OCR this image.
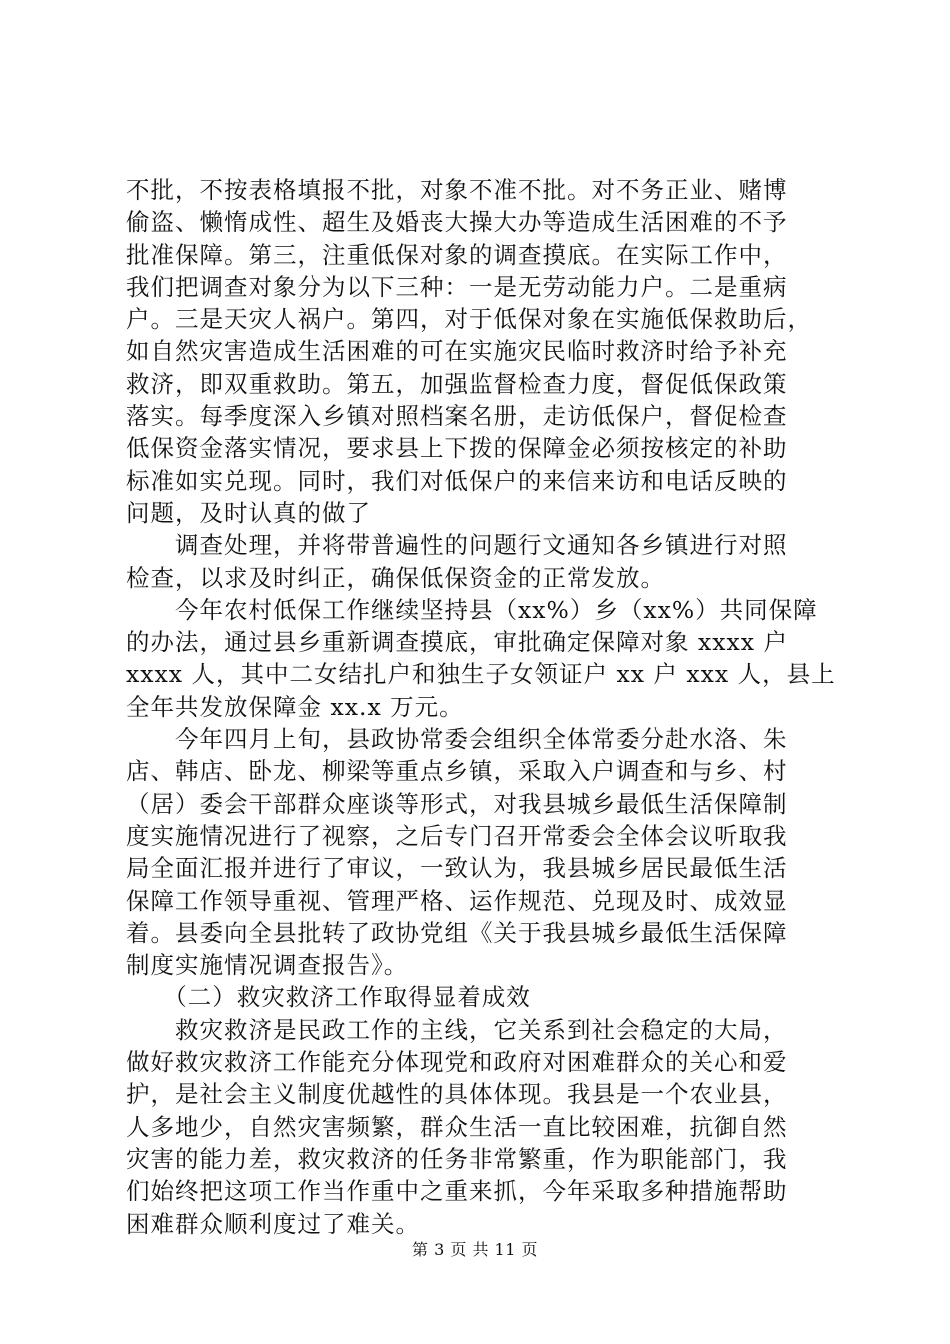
不批，不按表格填报不批，对象不准不批。对不务正业、赌博
偷盗、懒惰成性、超生及婚丧大操大办等造成生活困难的不予
批准保障。第三，注重低保对象的调查摸底。在实际工作中，
我们把调查对象分为以下三种：一是无劳动能力户。二是重病
户。三是天灾人祸户。第四，对于低保对象在实施低保救助后，
如自然灾害造成生活困难的可在实施灾民临时救济时给予补充
救济，即双重救助。第五，加强监督检查力度，督促低保政策
落实。每季度深入乡镇对照档案名册，走访低保户，督促检查
低保资金落实情况，要求县上下拨的保障金必须按核定的补助
标准如实兑现。同时，我们对低保户的来信来访和电话反映的
问题，及时认真的做了
　　调查处理，并将带普遍性的问题行文通知各乡镇进行对照
检查，以求及时纠正，确保低保资金的正常发放。
　　今年农村低保工作继续坚持县（xx%）乡（xx%）共同保障
的办法，通过县乡重新调查摸底，审批确定保障对象 xxxx 户
xxxx 人，其中二女结扎户和独生子女领证户 xx 户 xxx 人，县上
全年共发放保障金 xx.x 万元。
　　今年四月上旬，县政协常委会组织全体常委分赴水洛、朱
店、韩店、卧龙、柳梁等重点乡镇，采取入户调查和与乡、村
（居）委会干部群众座谈等形式，对我县城乡最低生活保障制
度实施情况进行了视察，之后专门召开常委会全体会议听取我
局全面汇报并进行了审议，一致认为，我县城乡居民最低生活
保障工作领导重视、管理严格、运作规范、兑现及时、成效显
着。县委向全县批转了政协党组《关于我县城乡最低生活保障
制度实施情况调查报告》。
　　（二）救灾救济工作取得显着成效
　　救灾救济是民政工作的主线，它关系到社会稳定的大局，
做好救灾救济工作能充分体现党和政府对困难群众的关心和爱
护，是社会主义制度优越性的具体体现。我县是一个农业县，
人多地少，自然灾害频繁，群众生活一直比较困难，抗御自然
灾害的能力差，救灾救济的任务非常繁重，作为职能部门，我
们始终把这项工作当作重中之重来抓，今年采取多种措施帮助
困难群众顺利度过了难关。
第 3 页 共 11 页
